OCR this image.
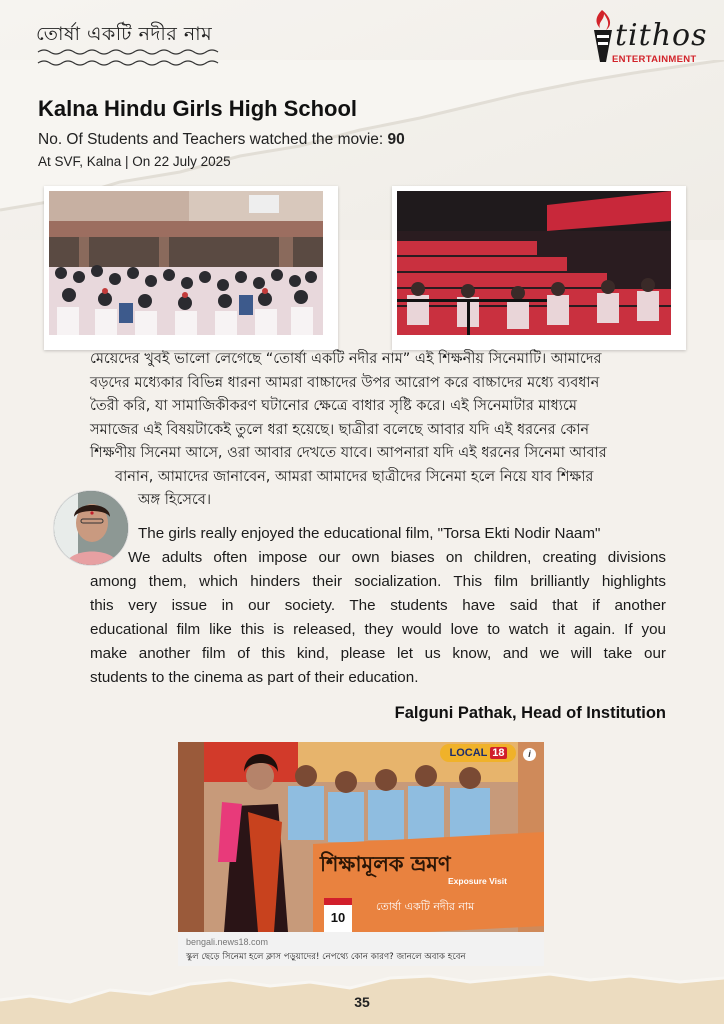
তোর্ষা একটি নদীর নাম	tithos
ENTERTAINMENT
Kalna Hindu Girls High School
No. Of Students and Teachers watched the movie: 90
At SVF, Kalna | On 22 July 2025
মেয়েদের খুবই ভালো লেগেছে “তোর্ষা একটি নদীর নাম” এই শিক্ষনীয় সিনেমাটি। আমাদের
বড়দের মধ্যেকার বিভিন্ন ধারনা আমরা বাচ্চাদের উপর আরোপ করে বাচ্চাদের মধ্যে ব্যবধান
তৈরী করি, যা সামাজিকীকরণ ঘটানোর ক্ষেত্রে বাধার সৃষ্টি করে। এই সিনেমাটার মাধ্যমে
সমাজের এই বিষয়টাকেই তুলে ধরা হয়েছে। ছাত্রীরা বলেছে আবার যদি এই ধরনের কোন
শিক্ষণীয় সিনেমা আসে, ওরা আবার দেখতে যাবে। আপনারা যদি এই ধরনের সিনেমা আবার
বানান, আমাদের জানাবেন, আমরা আমাদের ছাত্রীদের সিনেমা হলে নিয়ে যাব শিক্ষার
অঙ্গ হিসেবে।
The girls really enjoyed the educational film, "Torsa Ekti Nodir Naam"
We adults often impose our own biases on children, creating divisions
among them, which hinders their socialization. This film brilliantly highlights
this very issue in our society. The students have said that if another
educational film like this is released, they would love to watch it again. If you
make another film of this kind, please let us know, and we will take our
students to the cinema as part of their education.
Falguni Pathak, Head of Institution
শিক্ষামূলক ভ্রমণ
Exposure Visit
তোর্ষা একটি নদীর নাম
10
LOCAL 18	i
bengali.news18.com
স্কুল ছেড়ে সিনেমা হলে ক্লাস পড়ুয়াদের! নেপথ্যে কোন কারণ? জানলে অবাক হবেন
35
